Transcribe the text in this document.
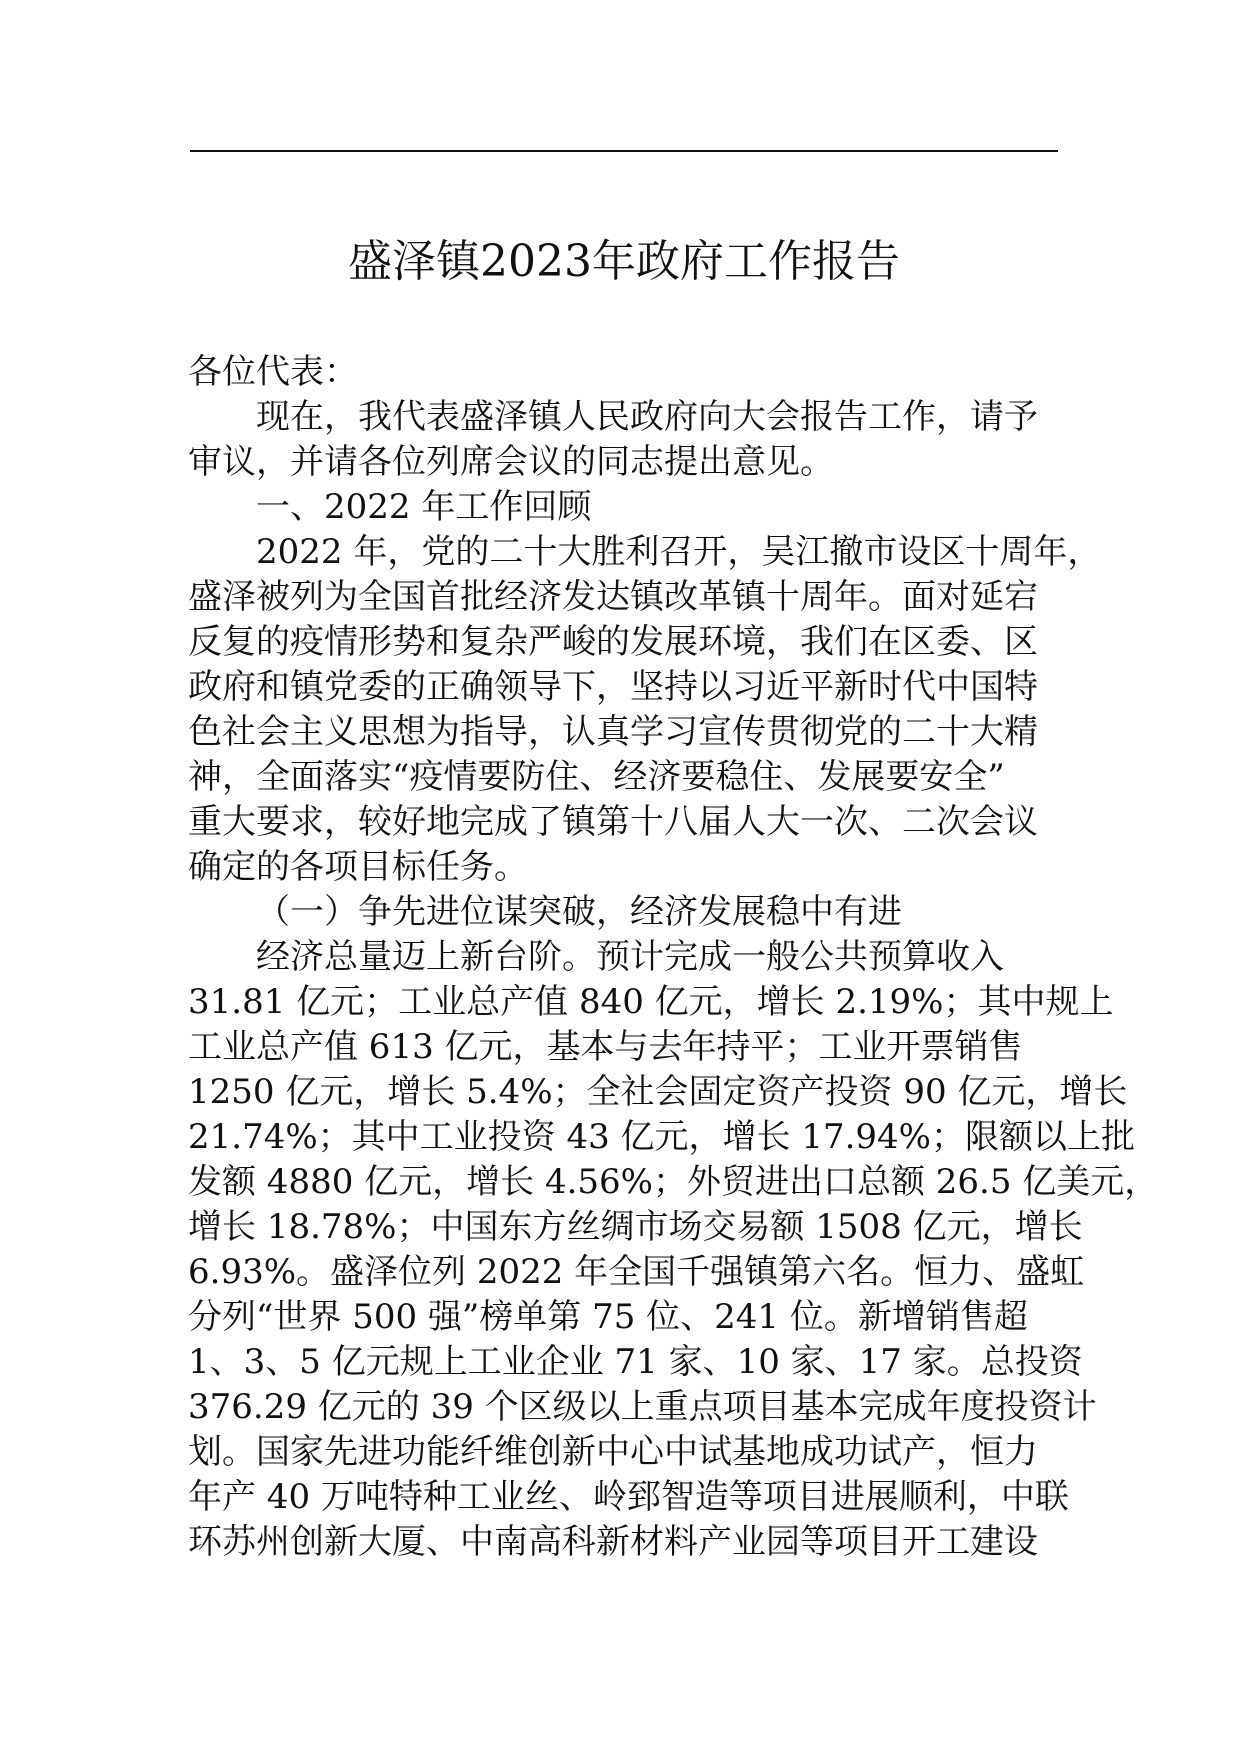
盛泽镇2023年政府工作报告
各位代表：
现在，我代表盛泽镇人民政府向大会报告工作，请予
审议，并请各位列席会议的同志提出意见。
一、2022 年工作回顾
2022 年，党的二十大胜利召开，吴江撤市设区十周年，
盛泽被列为全国首批经济发达镇改革镇十周年。面对延宕
反复的疫情形势和复杂严峻的发展环境，我们在区委、区
政府和镇党委的正确领导下，坚持以习近平新时代中国特
色社会主义思想为指导，认真学习宣传贯彻党的二十大精
神，全面落实“疫情要防住、经济要稳住、发展要安全”
重大要求，较好地完成了镇第十八届人大一次、二次会议
确定的各项目标任务。
（一）争先进位谋突破，经济发展稳中有进
经济总量迈上新台阶。预计完成一般公共预算收入
31.81 亿元；工业总产值 840 亿元，增长 2.19%；其中规上
工业总产值 613 亿元，基本与去年持平；工业开票销售
1250 亿元，增长 5.4%；全社会固定资产投资 90 亿元，增长
21.74%；其中工业投资 43 亿元，增长 17.94%；限额以上批
发额 4880 亿元，增长 4.56%；外贸进出口总额 26.5 亿美元，
增长 18.78%；中国东方丝绸市场交易额 1508 亿元，增长
6.93%。盛泽位列 2022 年全国千强镇第六名。恒力、盛虹
分列“世界 500 强”榜单第 75 位、241 位。新增销售超
1、3、5 亿元规上工业企业 71 家、10 家、17 家。总投资
376.29 亿元的 39 个区级以上重点项目基本完成年度投资计
划。国家先进功能纤维创新中心中试基地成功试产，恒力
年产 40 万吨特种工业丝、岭郅智造等项目进展顺利，中联
环苏州创新大厦、中南高科新材料产业园等项目开工建设
